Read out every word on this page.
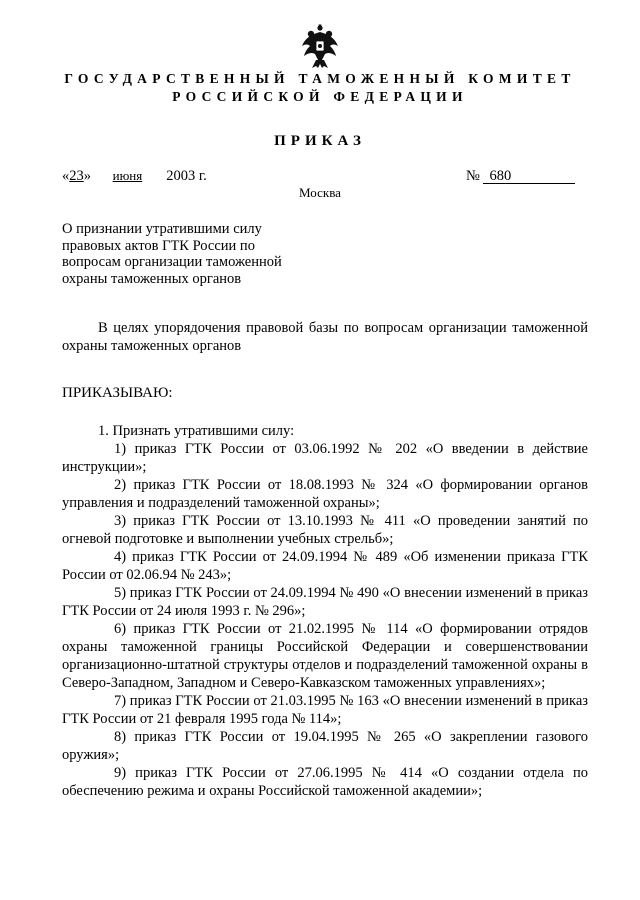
ГОСУДАРСТВЕННЫЙ ТАМОЖЕННЫЙ КОМИТЕТ
РОССИЙСКОЙ ФЕДЕРАЦИИ
ПРИКАЗ
«23» июня 2003 г.	№ 680
Москва
О признании утратившими силу правовых актов ГТК России по вопросам организации таможенной охраны таможенных органов
В целях упорядочения правовой базы по вопросам организации таможенной охраны таможенных органов
ПРИКАЗЫВАЮ:

1. Признать утратившими силу:

1) приказ ГТК России от 03.06.1992 № 202 «О введении в действие инструкции»;

2) приказ ГТК России от 18.08.1993 № 324 «О формировании органов управления и подразделений таможенной охраны»;

3) приказ ГТК России от 13.10.1993 № 411 «О проведении занятий по огневой подготовке и выполнении учебных стрельб»;

4) приказ ГТК России от 24.09.1994 № 489 «Об изменении приказа ГТК России от 02.06.94 № 243»;

5) приказ ГТК России от 24.09.1994 № 490 «О внесении изменений в приказ ГТК России от 24 июля 1993 г. № 296»;

6) приказ ГТК России от 21.02.1995 № 114 «О формировании отрядов охраны таможенной границы Российской Федерации и совершенствовании организационно-штатной структуры отделов и подразделений таможенной охраны в Северо-Западном, Западном и Северо-Кавказском таможенных управлениях»;

7) приказ ГТК России от 21.03.1995 № 163 «О внесении изменений в приказ ГТК России от 21 февраля 1995 года № 114»;

8) приказ ГТК России от 19.04.1995 № 265 «О закреплении газового оружия»;

9) приказ ГТК России от 27.06.1995 № 414 «О создании отдела по обеспечению режима и охраны Российской таможенной академии»;
